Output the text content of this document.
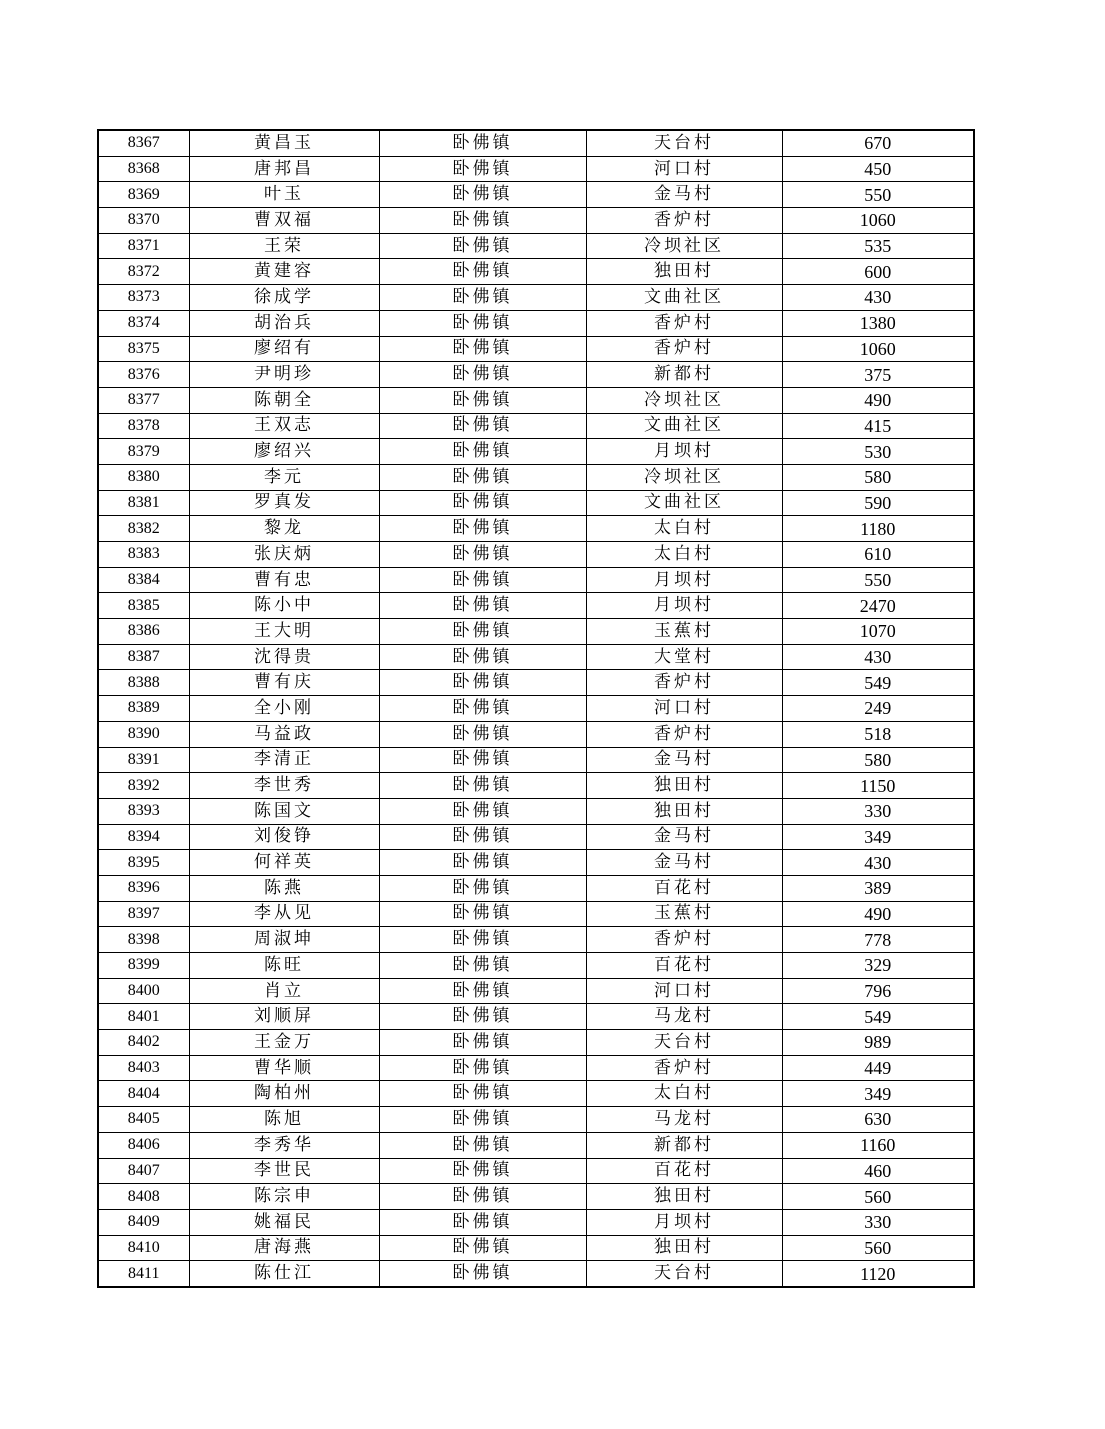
8367	黄昌玉	卧佛镇	天台村	670
8368	唐邦昌	卧佛镇	河口村	450
8369	叶玉	卧佛镇	金马村	550
8370	曹双福	卧佛镇	香炉村	1060
8371	王荣	卧佛镇	冷坝社区	535
8372	黄建容	卧佛镇	独田村	600
8373	徐成学	卧佛镇	文曲社区	430
8374	胡治兵	卧佛镇	香炉村	1380
8375	廖绍有	卧佛镇	香炉村	1060
8376	尹明珍	卧佛镇	新都村	375
8377	陈朝全	卧佛镇	冷坝社区	490
8378	王双志	卧佛镇	文曲社区	415
8379	廖绍兴	卧佛镇	月坝村	530
8380	李元	卧佛镇	冷坝社区	580
8381	罗真发	卧佛镇	文曲社区	590
8382	黎龙	卧佛镇	太白村	1180
8383	张庆炳	卧佛镇	太白村	610
8384	曹有忠	卧佛镇	月坝村	550
8385	陈小中	卧佛镇	月坝村	2470
8386	王大明	卧佛镇	玉蕉村	1070
8387	沈得贵	卧佛镇	大堂村	430
8388	曹有庆	卧佛镇	香炉村	549
8389	全小刚	卧佛镇	河口村	249
8390	马益政	卧佛镇	香炉村	518
8391	李清正	卧佛镇	金马村	580
8392	李世秀	卧佛镇	独田村	1150
8393	陈国文	卧佛镇	独田村	330
8394	刘俊铮	卧佛镇	金马村	349
8395	何祥英	卧佛镇	金马村	430
8396	陈燕	卧佛镇	百花村	389
8397	李从见	卧佛镇	玉蕉村	490
8398	周淑坤	卧佛镇	香炉村	778
8399	陈旺	卧佛镇	百花村	329
8400	肖立	卧佛镇	河口村	796
8401	刘顺屏	卧佛镇	马龙村	549
8402	王金万	卧佛镇	天台村	989
8403	曹华顺	卧佛镇	香炉村	449
8404	陶柏州	卧佛镇	太白村	349
8405	陈旭	卧佛镇	马龙村	630
8406	李秀华	卧佛镇	新都村	1160
8407	李世民	卧佛镇	百花村	460
8408	陈宗申	卧佛镇	独田村	560
8409	姚福民	卧佛镇	月坝村	330
8410	唐海燕	卧佛镇	独田村	560
8411	陈仕江	卧佛镇	天台村	1120
